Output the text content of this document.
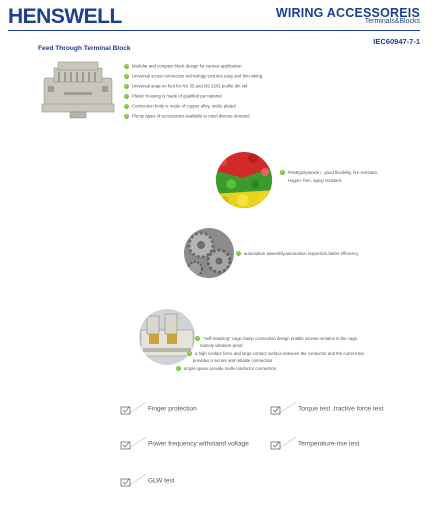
HENSWELL	WIRING ACCESSOREIS
Terminals&Blocks
IEC60947-7-1
Feed Through Terminal Block
✓ Modular and compact block design for various application
✓ Universal screw connection technology ensures easy and firm wiring
✓ Universal snap-on foot for NS 35 and NS 32/G-profile din rail
✓ Plastic housing is made of qualified pa material
✓ Connection body is made of copper alloy, nickle plated
✓ Plenty types of accessories available to meet diverse demand
✓ PA66(polyamide) , good flexibility, fire resistant,
Hagon- free, aging resistant.
✓ automation assembly,automation inspection,better efficiency
✓ "self-retaining" cage clamp connection design enable screws remains in the cage,
namely vibration-proof
✓ a high contact force and large contact surface between the conductor and the current bar
provides a secure and reliable connection
✓ ample space provide multi-conductor connection
Finger protection	Torque test ,tractive force test
Power frequency withstand voltage	Temperature-rise test
GLW test
